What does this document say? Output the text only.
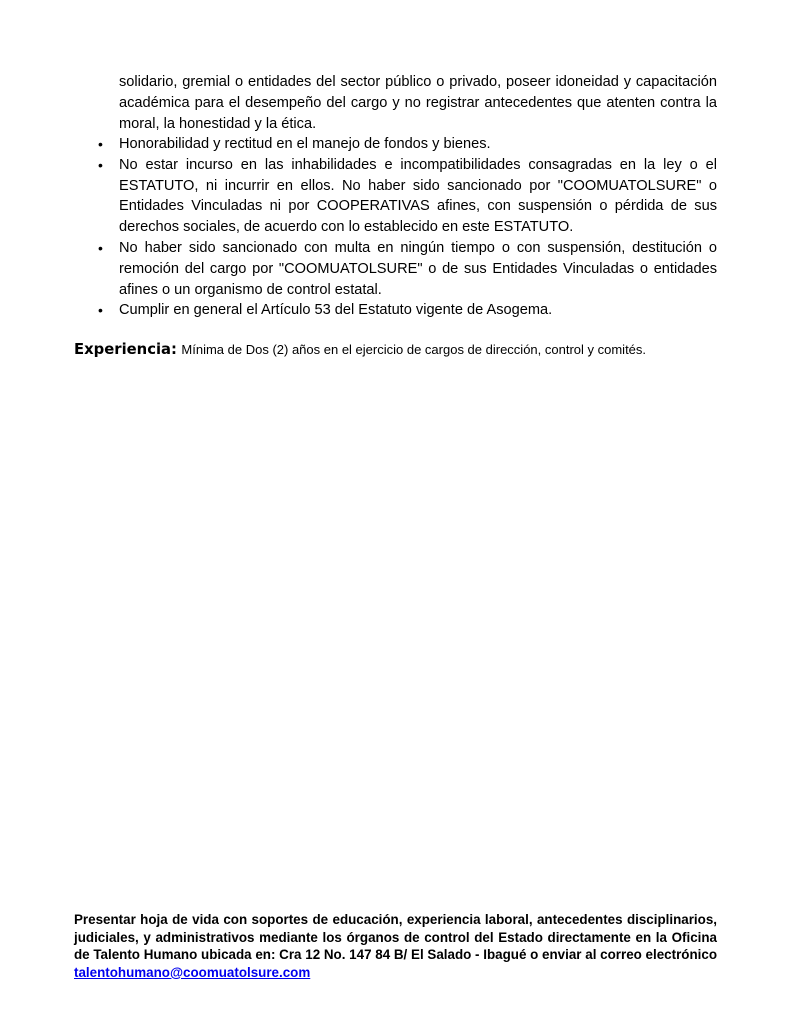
solidario, gremial o entidades del sector público o privado, poseer idoneidad y capacitación académica para el desempeño del cargo y no registrar antecedentes que atenten contra la moral, la honestidad y la ética.

• Honorabilidad y rectitud en el manejo de fondos y bienes.
• No estar incurso en las inhabilidades e incompatibilidades consagradas en la ley o el ESTATUTO, ni incurrir en ellos. No haber sido sancionado por "COOMUATOLSURE" o Entidades Vinculadas ni por COOPERATIVAS afines, con suspensión o pérdida de sus derechos sociales, de acuerdo con lo establecido en este ESTATUTO.
• No haber sido sancionado con multa en ningún tiempo o con suspensión, destitución o remoción del cargo por "COOMUATOLSURE" o de sus Entidades Vinculadas o entidades afines o un organismo de control estatal.
• Cumplir en general el Artículo 53 del Estatuto vigente de Asogema.

Experiencia: Mínima de Dos (2) años en el ejercicio de cargos de dirección, control y comités.

Presentar hoja de vida con soportes de educación, experiencia laboral, antecedentes disciplinarios, judiciales, y administrativos mediante los órganos de control del Estado directamente en la Oficina de Talento Humano ubicada en: Cra 12 No. 147 84 B/ El Salado - Ibagué o enviar al correo electrónico talentohumano@coomuatolsure.com
